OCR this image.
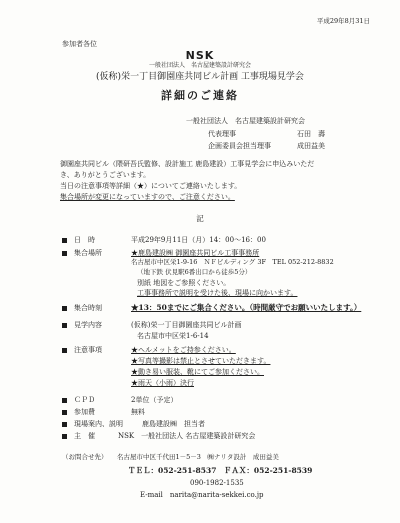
平成29年8月31日
参加者各位
NSK
一般社団法人　名古屋建築設計研究会
(仮称)栄一丁目御園座共同ビル計画 工事現場見学会
詳細のご連絡
一般社団法人　名古屋建築設計研究会
代表理事	石田　壽
企画委員会担当理事	成田益美
御園座共同ビル（隈研吾氏監修、設計施工 鹿島建設）工事見学会に申込みいただ
き、ありがとうございます。
当日の注意事項等詳細（★）についてご連絡いたします。
集合場所が変更になっていますので、ご注意ください。
記
日　時	平成29年9月11日（月）14：00～16：00
集合場所	★鹿島建設㈱ 御園座共同ビル工事事務所
名古屋市中区栄1-9-16　ＮＦビルディング 3F　TEL 052-212-8832
（地下鉄 伏見駅6番出口から徒歩5分）
別紙 地図をご参照ください。
工事事務所で説明を受けた後、現場に向かいます。
集合時刻	★13：50までにご集合ください。（時間厳守でお願いいたします。）
見学内容	(仮称)栄一丁目御園座共同ビル計画
名古屋市中区栄1-6-14
注意事項	★ヘルメットをご持参ください。
★写真等撮影は禁止とさせていただきます。
★動き易い服装、靴にてご参加ください。
★雨天（小雨）決行
ＣＰＤ	2単位（予定）
参加費	無料
現場案内、説明	鹿島建設㈱　担当者
主　催	NSK　一般社団法人 名古屋建築設計研究会
（お問合せ先） 名古屋市中区千代田1－5－3　㈱ナリタ設計　成田益美
ＴＥＬ：052-251-8537　ＦＡＸ：052-251-8539
090-1982-1535
E-mail　narita@narita-sekkei.co.jp
